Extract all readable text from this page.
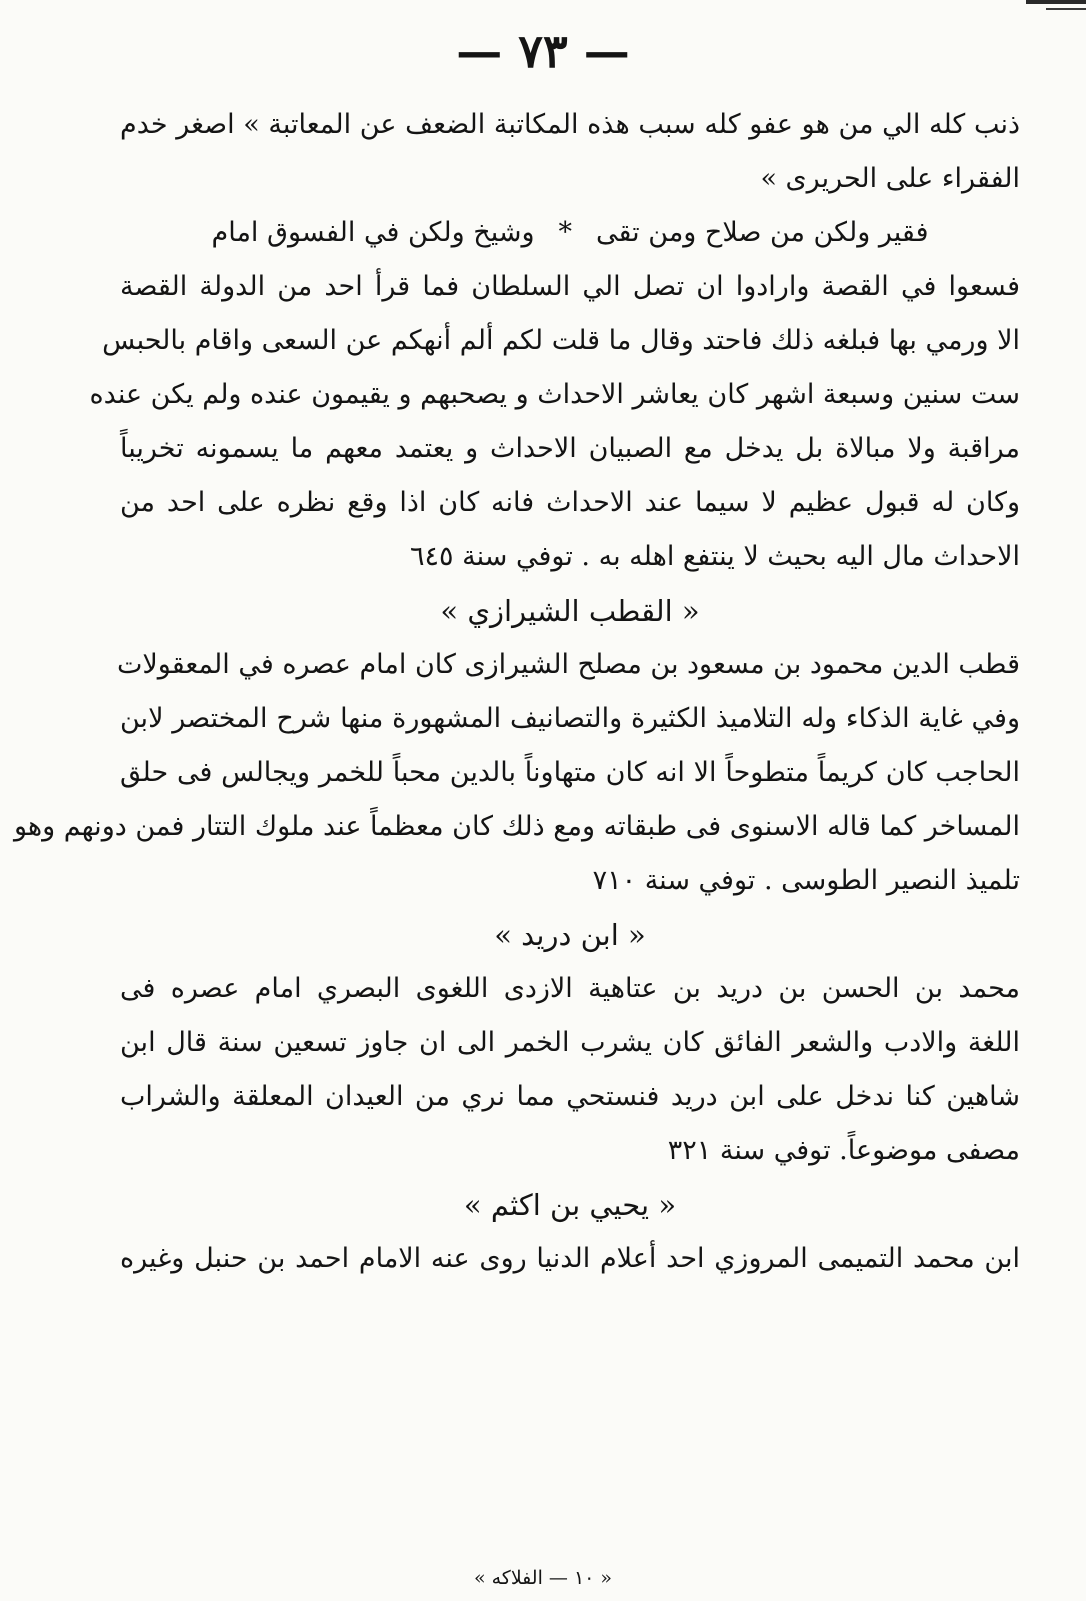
— ٧٣ —
ذنب كله الي من هو عفو كله سبب هذه المكاتبة الضعف عن المعاتبة » اصغر خدم
الفقراء على الحريرى »
فقير ولكن من صلاح ومن تقى
*
وشيخ ولكن في الفسوق امام
فسعوا في القصة وارادوا ان تصل الي السلطان فما قرأ احد من الدولة القصة
الا ورمي بها فبلغه ذلك فاحتد وقال ما قلت لكم ألم أنهكم عن السعى واقام بالحبس
ست سنين وسبعة اشهر كان يعاشر الاحداث و يصحبهم و يقيمون عنده ولم يكن عنده
مراقبة ولا مبالاة بل يدخل مع الصبيان الاحداث و يعتمد معهم ما يسمونه تخريباً
وكان له قبول عظيم لا سيما عند الاحداث فانه كان اذا وقع نظره على احد من
الاحداث مال اليه بحيث لا ينتفع اهله به . توفي سنة ٦٤٥
« القطب الشيرازي »
قطب الدين محمود بن مسعود بن مصلح الشيرازى كان امام عصره في المعقولات
وفي غاية الذكاء وله التلاميذ الكثيرة والتصانيف المشهورة منها شرح المختصر لابن
الحاجب كان كريماً متطوحاً الا انه كان متهاوناً بالدين محباً للخمر ويجالس فى حلق
المساخر كما قاله الاسنوى فى طبقاته ومع ذلك كان معظماً عند ملوك التتار فمن دونهم وهو
تلميذ النصير الطوسى . توفي سنة ٧١٠
« ابن دريد »
محمد بن الحسن بن دريد بن عتاهية الازدى اللغوى البصري امام عصره فى
اللغة والادب والشعر الفائق كان يشرب الخمر الى ان جاوز تسعين سنة قال ابن
شاهين كنا ندخل على ابن دريد فنستحي مما نري من العيدان المعلقة والشراب
مصفى موضوعاً. توفي سنة ٣٢١
« يحيي بن اكثم »
ابن محمد التميمى المروزي احد أعلام الدنيا روى عنه الامام احمد بن حنبل وغيره
« ١٠ — الفلاكه »
